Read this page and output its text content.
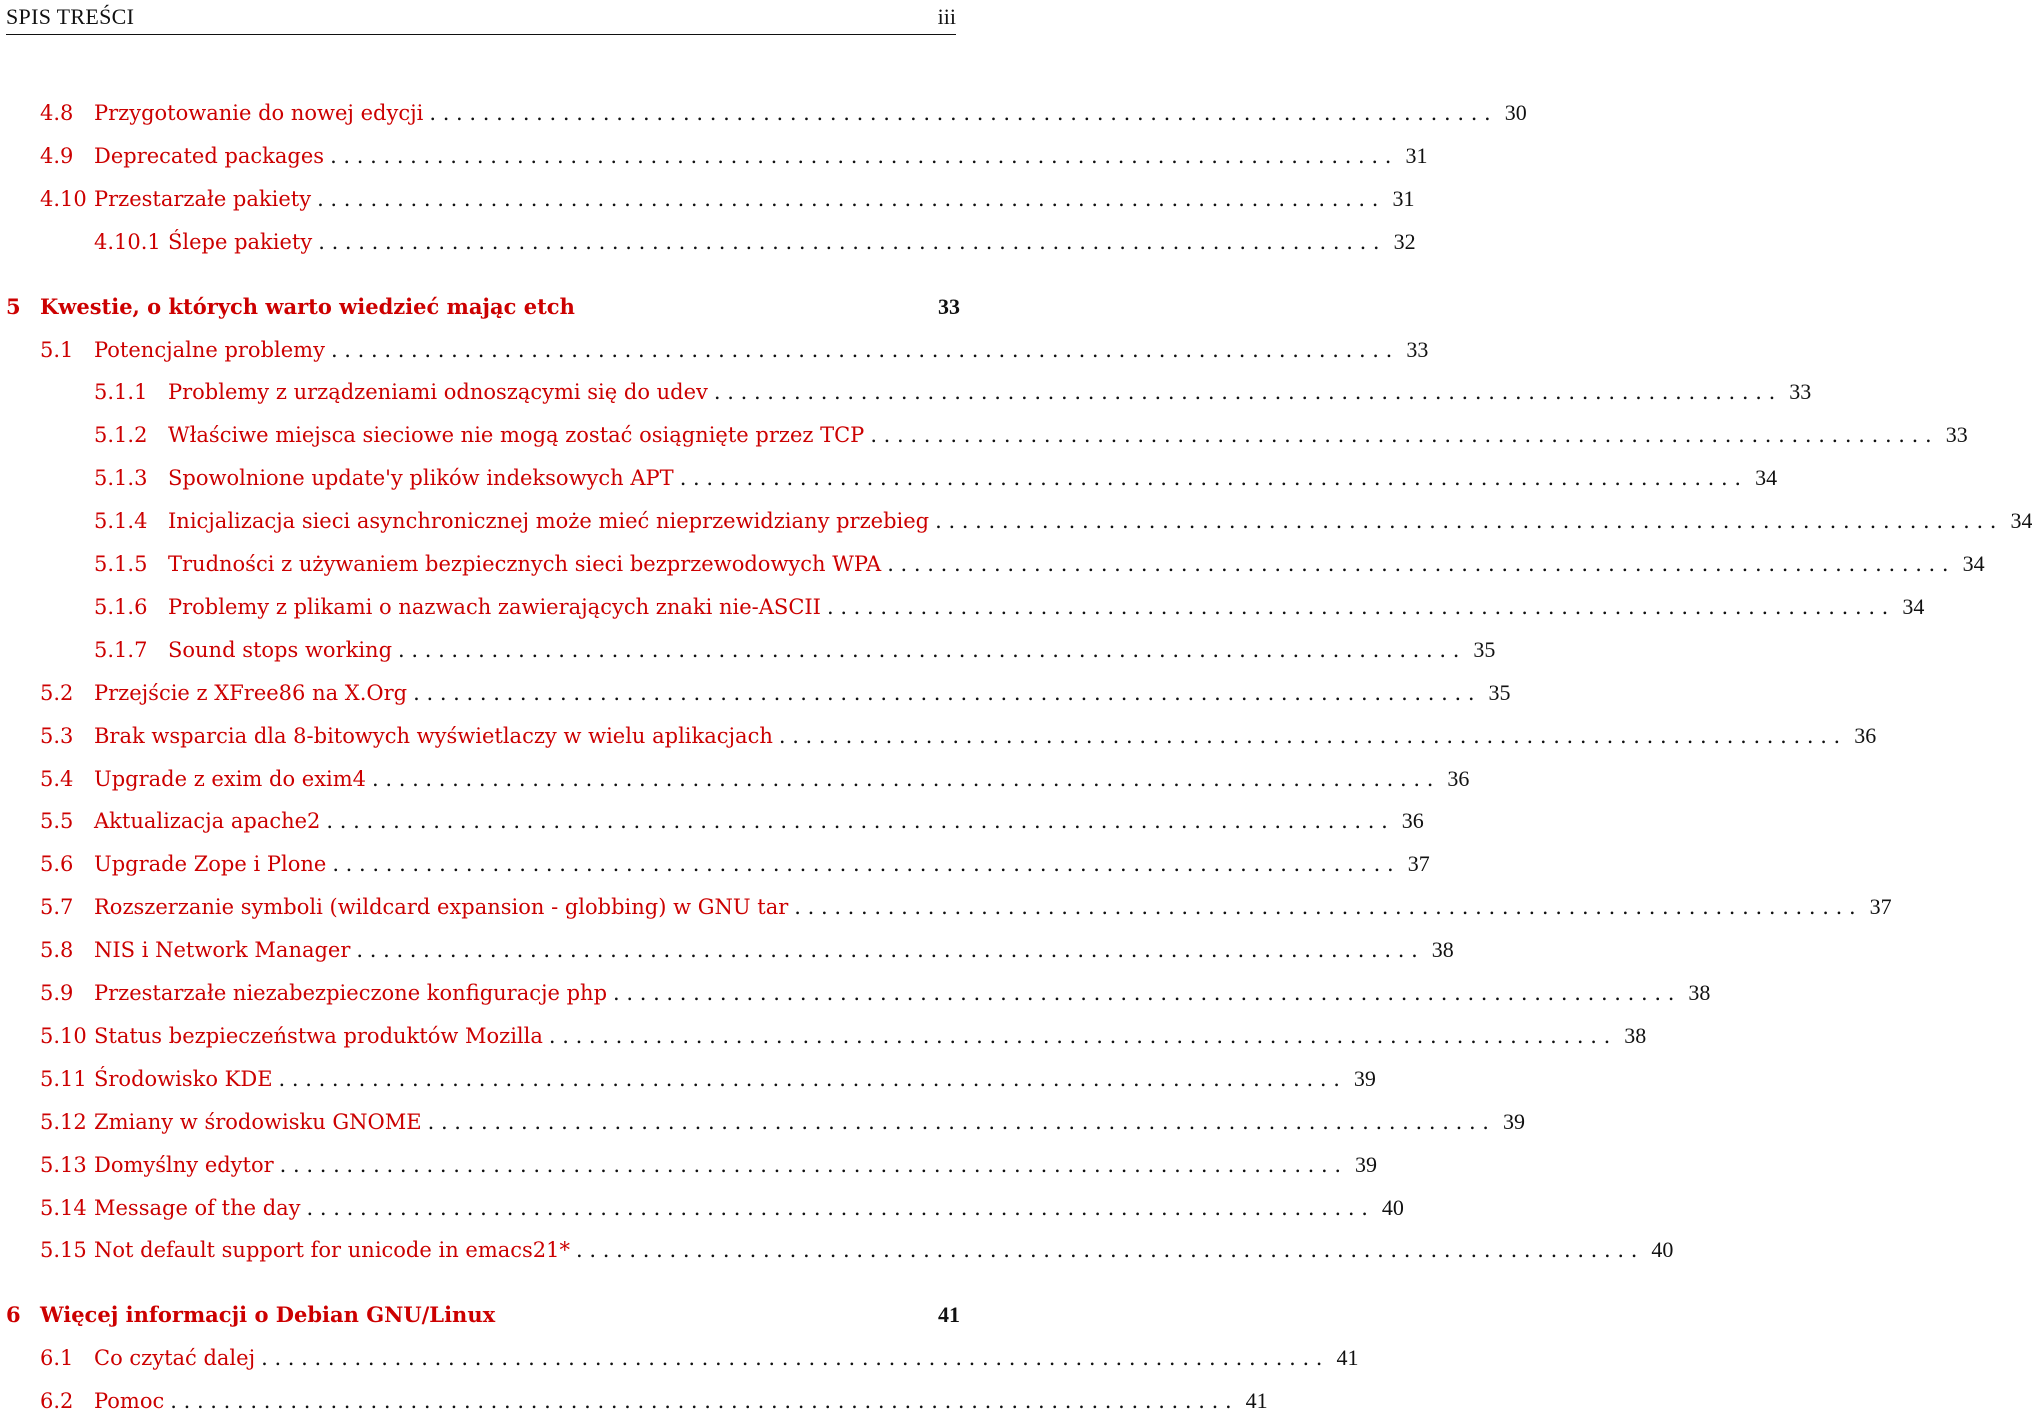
SPIS TREŚCI	iii
4.8 Przygotowanie do nowej edycji . . . . . . . . . . . . . . . . . . . . . . . . . . . . . . . . . . . . . . . . . . . . . . . . . . . . . . . . . . . . . . . . . . . . . . . . . . . . . . . . 30
4.9 Deprecated packages . . . . . . . . . . . . . . . . . . . . . . . . . . . . . . . . . . . . . . . . . . . . . . . . . . . . . . . . . . . . . . . . . . . . . . . . . . . . . . . . 31
4.10 Przestarzałe pakiety . . . . . . . . . . . . . . . . . . . . . . . . . . . . . . . . . . . . . . . . . . . . . . . . . . . . . . . . . . . . . . . . . . . . . . . . . . . . . . . . 31
4.10.1 Ślepe pakiety . . . . . . . . . . . . . . . . . . . . . . . . . . . . . . . . . . . . . . . . . . . . . . . . . . . . . . . . . . . . . . . . . . . . . . . . . . . . . . . . 32
5 Kwestie, o których warto wiedzieć mając etch	33
5.1 Potencjalne problemy . . . . . . . . . . . . . . . . . . . . . . . . . . . . . . . . . . . . . . . . . . . . . . . . . . . . . . . . . . . . . . . . . . . . . . . . . . . . . . . . 33
5.1.1 Problemy z urządzeniami odnoszącymi się do udev . . . . . . . . . . . . . . . . . . . . . . . . . . . . . . . . . . . . . . . . . . . . . . . . . . . . . . . . . . . . . . . . . . . . . . . . . . . . . . . . 33
5.1.2 Właściwe miejsca sieciowe nie mogą zostać osiągnięte przez TCP . . . . . . . . . . . . . . . . . . . . . . . . . . . . . . . . . . . . . . . . . . . . . . . . . . . . . . . . . . . . . . . . . . . . . . . . . . . . . . . . 33
5.1.3 Spowolnione update'y plików indeksowych APT . . . . . . . . . . . . . . . . . . . . . . . . . . . . . . . . . . . . . . . . . . . . . . . . . . . . . . . . . . . . . . . . . . . . . . . . . . . . . . . . 34
5.1.4 Inicjalizacja sieci asynchronicznej może mieć nieprzewidziany przebieg . . . . . . . . . . . . . . . . . . . . . . . . . . . . . . . . . . . . . . . . . . . . . . . . . . . . . . . . . . . . . . . . . . . . . . . . . . . . . . . . 34
5.1.5 Trudności z używaniem bezpiecznych sieci bezprzewodowych WPA . . . . . . . . . . . . . . . . . . . . . . . . . . . . . . . . . . . . . . . . . . . . . . . . . . . . . . . . . . . . . . . . . . . . . . . . . . . . . . . . 34
5.1.6 Problemy z plikami o nazwach zawierających znaki nie-ASCII . . . . . . . . . . . . . . . . . . . . . . . . . . . . . . . . . . . . . . . . . . . . . . . . . . . . . . . . . . . . . . . . . . . . . . . . . . . . . . . . 34
5.1.7 Sound stops working . . . . . . . . . . . . . . . . . . . . . . . . . . . . . . . . . . . . . . . . . . . . . . . . . . . . . . . . . . . . . . . . . . . . . . . . . . . . . . . . 35
5.2 Przejście z XFree86 na X.Org . . . . . . . . . . . . . . . . . . . . . . . . . . . . . . . . . . . . . . . . . . . . . . . . . . . . . . . . . . . . . . . . . . . . . . . . . . . . . . . . 35
5.3 Brak wsparcia dla 8-bitowych wyświetlaczy w wielu aplikacjach . . . . . . . . . . . . . . . . . . . . . . . . . . . . . . . . . . . . . . . . . . . . . . . . . . . . . . . . . . . . . . . . . . . . . . . . . . . . . . . . 36
5.4 Upgrade z exim do exim4 . . . . . . . . . . . . . . . . . . . . . . . . . . . . . . . . . . . . . . . . . . . . . . . . . . . . . . . . . . . . . . . . . . . . . . . . . . . . . . . . 36
5.5 Aktualizacja apache2 . . . . . . . . . . . . . . . . . . . . . . . . . . . . . . . . . . . . . . . . . . . . . . . . . . . . . . . . . . . . . . . . . . . . . . . . . . . . . . . . 36
5.6 Upgrade Zope i Plone . . . . . . . . . . . . . . . . . . . . . . . . . . . . . . . . . . . . . . . . . . . . . . . . . . . . . . . . . . . . . . . . . . . . . . . . . . . . . . . . 37
5.7 Rozszerzanie symboli (wildcard expansion - globbing) w GNU tar . . . . . . . . . . . . . . . . . . . . . . . . . . . . . . . . . . . . . . . . . . . . . . . . . . . . . . . . . . . . . . . . . . . . . . . . . . . . . . . . 37
5.8 NIS i Network Manager . . . . . . . . . . . . . . . . . . . . . . . . . . . . . . . . . . . . . . . . . . . . . . . . . . . . . . . . . . . . . . . . . . . . . . . . . . . . . . . . 38
5.9 Przestarzałe niezabezpieczone konfiguracje php . . . . . . . . . . . . . . . . . . . . . . . . . . . . . . . . . . . . . . . . . . . . . . . . . . . . . . . . . . . . . . . . . . . . . . . . . . . . . . . . 38
5.10 Status bezpieczeństwa produktów Mozilla . . . . . . . . . . . . . . . . . . . . . . . . . . . . . . . . . . . . . . . . . . . . . . . . . . . . . . . . . . . . . . . . . . . . . . . . . . . . . . . . 38
5.11 Środowisko KDE . . . . . . . . . . . . . . . . . . . . . . . . . . . . . . . . . . . . . . . . . . . . . . . . . . . . . . . . . . . . . . . . . . . . . . . . . . . . . . . . 39
5.12 Zmiany w środowisku GNOME . . . . . . . . . . . . . . . . . . . . . . . . . . . . . . . . . . . . . . . . . . . . . . . . . . . . . . . . . . . . . . . . . . . . . . . . . . . . . . . . 39
5.13 Domyślny edytor . . . . . . . . . . . . . . . . . . . . . . . . . . . . . . . . . . . . . . . . . . . . . . . . . . . . . . . . . . . . . . . . . . . . . . . . . . . . . . . . 39
5.14 Message of the day . . . . . . . . . . . . . . . . . . . . . . . . . . . . . . . . . . . . . . . . . . . . . . . . . . . . . . . . . . . . . . . . . . . . . . . . . . . . . . . . 40
5.15 Not default support for unicode in emacs21* . . . . . . . . . . . . . . . . . . . . . . . . . . . . . . . . . . . . . . . . . . . . . . . . . . . . . . . . . . . . . . . . . . . . . . . . . . . . . . . . 40
6 Więcej informacji o Debian GNU/Linux	41
6.1 Co czytać dalej . . . . . . . . . . . . . . . . . . . . . . . . . . . . . . . . . . . . . . . . . . . . . . . . . . . . . . . . . . . . . . . . . . . . . . . . . . . . . . . . 41
6.2 Pomoc . . . . . . . . . . . . . . . . . . . . . . . . . . . . . . . . . . . . . . . . . . . . . . . . . . . . . . . . . . . . . . . . . . . . . . . . . . . . . . . . 41
